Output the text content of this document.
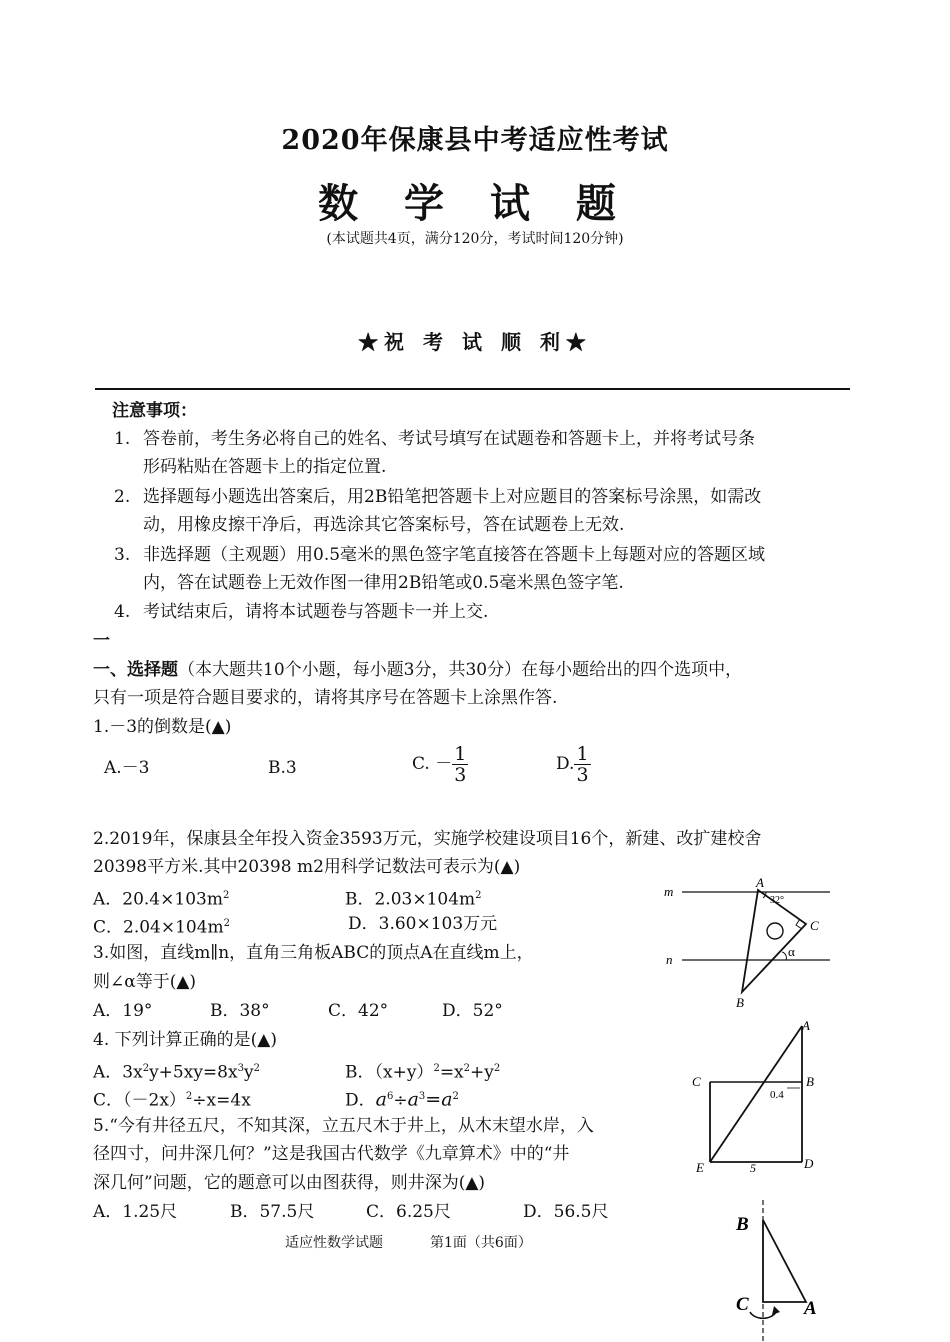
2020年保康县中考适应性考试
数 学 试 题
(本试题共4页，满分120分，考试时间120分钟)
★祝 考 试 顺 利★
注意事项：
1. 答卷前，考生务必将自己的姓名、考试号填写在试题卷和答题卡上，并将考试号条
形码粘贴在答题卡上的指定位置.
2. 选择题每小题选出答案后，用2B铅笔把答题卡上对应题目的答案标号涂黑，如需改
动，用橡皮擦干净后，再选涂其它答案标号，答在试题卷上无效.
3. 非选择题（主观题）用0.5毫米的黑色签字笔直接答在答题卡上每题对应的答题区域
内，答在试题卷上无效作图一律用2B铅笔或0.5毫米黑色签字笔.
4. 考试结束后，请将本试题卷与答题卡一并上交.
一
一、选择题（本大题共10个小题，每小题3分，共30分）在每小题给出的四个选项中，
只有一项是符合题目要求的，请将其序号在答题卡上涂黑作答.
1.－3的倒数是(▲)
A.－3	B.3	C. － $\frac{1}{3}$	D. $\frac{1}{3}$
2.2019年，保康县全年投入资金3593万元，实施学校建设项目16个，新建、改扩建校舍
20398平方米.其中20398 m2用科学记数法可表示为(▲)
A．$20.4\times 103m^2$	B．$2.03\times 104m^2$
C．$2.04\times 104m^2$	D．3.60×103万元
3.如图，直线m∥n，直角三角板ABC的顶点A在直线m上，
则∠α等于(▲)
A．19°	B．38°	C．42°	D．52°
m
n
A
32°
C
α
B
4. 下列计算正确的是(▲)
A．$3x^2y+5xy=8x^3y^2$	B．$(x+y)^2=x^2+y^2$
C．$(-2x)^2\div x=4x$	D．$a^6\div a^3=a^2$
5.“今有井径五尺，不知其深，立五尺木于井上，从木末望水岸，入
径四寸，问井深几何？”这是我国古代数学《九章算术》中的“井
深几何”问题，它的题意可以由图获得，则井深为(▲)
A．1.25尺	B．57.5尺	C．6.25尺	D．56.5尺
A
B
C
D
E
0.4
5
B
C	A
适应性数学试题	第1面（共6面）
